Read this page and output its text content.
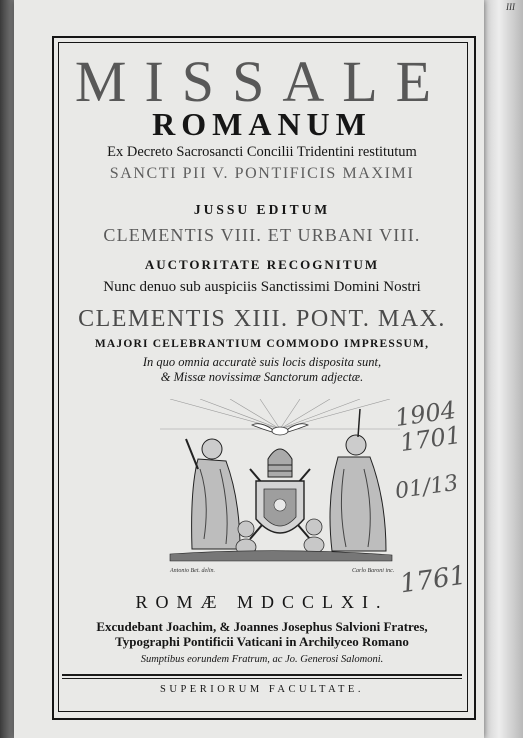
III
MISSALE
ROMANUM
Ex Decreto Sacrosancti Concilii Tridentini restitutum
SANCTI PII V. PONTIFICIS MAXIMI
JUSSU EDITUM
CLEMENTIS VIII. ET URBANI VIII.
AUCTORITATE RECOGNITUM
Nunc denuo sub auspiciis Sanctissimi Domini Nostri
CLEMENTIS XIII. PONT. MAX.
MAJORI CELEBRANTIUM COMMODO IMPRESSUM,
In quo omnia accuratè suis locis disposita sunt,
& Missæ novissimæ Sanctorum adjectæ.
Antonio Bet. delin.	Carlo Baroni inc.
ROMÆ MDCCLXI.
Excudebant Joachim, & Joannes Josephus Salvioni Fratres,
Typographi Pontificii Vaticani in Archilyceo Romano
Sumptibus eorundem Fratrum, ac Jo. Generosi Salomoni.
SUPERIORUM FACULTATE.
1904
1701
01/13
1761
